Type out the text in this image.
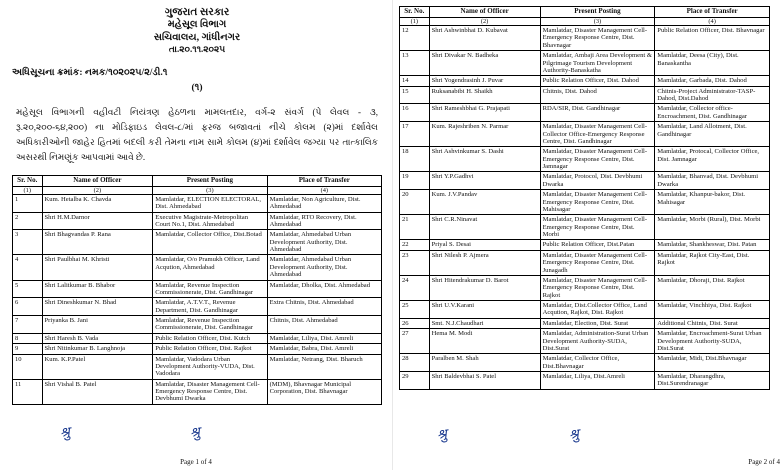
ગુજરાત સરકાર
મહેસૂલ વિભાગ
સચિવાલય, ગાંધીનગર
તા.૨૦.૧૧.૨૦૨૫
અધિસૂચના ક્રમાંક: નમક/૧૦૨૦૨૫/૨/ડી.૧
(૧)
મહેસૂલ વિભાગની વહીવટી નિયંત્રણ હેઠળના મામલતદાર, વર્ગ-૨ સંવર્ગ (પે લેવલ - ૩, રૂ.૨૦,૨૦૦-૬૪,૨૦૦) ના મોડિફાઇડ લેવલ-૮/માં ફરજ બજાવતાં નીચે કોલમ (૨)માં દર્શાવેલ અધિકારીઓની જાહેર હિતમાં બદલી કરી તેમના નામ સામે કોલમ (૪)માં દર્શાવેલ જગ્યા પર તાત્કાલિક અસરથી નિમણૂંક આપવામાં આવે છે.
Sr. No.	Name of Officer	Present Posting	Place of Transfer
(1)	(2)	(3)	(4)
1	Kum. Hetalba K. Chavda	Mamlatdar, ELECTION ELECTORAL, Dist. Ahmedabad	Mamlatdar, Non Agriculture, Dist. Ahmedabad
2	Shri H.M.Darnor	Executive Magistrate-Metropolitan Court No.1, Dist. Ahmedabad	Mamlatdar, RTO Recovery, Dist. Ahmedabad
3	Shri Bhagvandas P. Rana	Mamlatdar, Collector Office, Dist.Botad	Mamlatdar, Ahmedabad Urban Development Authority, Dist. Ahmedabad
4	Shri Paulbhai M. Khristi	Mamlatdar, O/o Pramukh Officer, Land Acqution, Ahmedabad	Mamlatdar, Ahmedabad Urban Development Authority, Dist. Ahmedabad
5	Shri Lalitkumar B. Bhabor	Mamlatdar, Revenue Inspection Commissionerate, Dist. Gandhinagar	Mamlatdar, Dholka, Dist. Ahmedabad
6	Shri Dineshkumar N. Bhad	Mamlatdar, A.T.V.T., Revenue Department, Dist. Gandhinagar	Extra Chitnis, Dist. Ahmedabad
7	Priyanka B. Jani	Mamlatdar, Revenue Inspection Commissionerate, Dist. Gandhinagar	Chitnis, Dist. Ahmedabad
8	Shri Haresh B. Vada	Public Relation Officer, Dist. Kutch	Mamlatdar, Liliya, Dist. Amreli
9	Shri Nitinkumar B. Langhnoja	Public Relation Officer, Dist. Rajkot	Mamlatdar, Babra, Dist. Amreli
10	Kum. K.P.Patel	Mamlatdar, Vadodara Urban Development Authority-VUDA, Dist. Vadodara	Mamlatdar, Netrang, Dist. Bharuch
11	Shri Vishal B. Patel	Mamlatdar, Disaster Management Cell-Emergency Response Centre, Dist. Devbhumi Dwarka	(MDM), Bhavnagar Municipal Corporation, Dist. Bhavnagar
श्रु	श्रु
Page 1 of 4
Sr. No.	Name of Officer	Present Posting	Place of Transfer
(1)	(2)	(3)	(4)
12	Shri Ashwinbhai D. Kubavat	Mamlatdar, Disaster Management Cell-Emergency Response Centre, Dist. Bhavnagar	Public Relation Officer, Dist. Bhavnagar
13	Shri Divakar N. Badheka	Mamlatdar, Ambaji Area Development & Pilgrimage Tourism Development Authority-Banaskatha	Mamlatdar, Deesa (City), Dist. Banaskantha
14	Shri Yogendrasinh J. Puvar	Public Relation Officer, Dist. Dahod	Mamlatdar, Garbada, Dist. Dahod
15	Ruksanabibi H. Shaikh	Chitnis, Dist. Dahod	Chitnis-Project Administrator-TASP-Dahod, Dist.Dahod
16	Shri Rameshbhai G. Prajapati	RDA/SIR, Dist. Gandhinagar	Mamlatdar, Collector office-Encroachment, Dist. Gandhinagar
17	Kum. Rajeshriben N. Parmar	Mamlatdar, Disaster Management Cell-Collector Office-Emergency Response Centre, Dist. Gandhinagar	Mamlatdar, Land Allotment, Dist. Gandhinagar
18	Shri Ashvinkumar S. Dashi	Mamlatdar, Disaster Management Cell-Emergency Response Centre, Dist. Jamnagar	Mamlatdar, Protocal, Collector Office, Dist. Jamnagar
19	Shri Y.P.Gadhvi	Mamlatdar, Protocol, Dist. Devbhumi Dwarka	Mamlatdar, Bhanvad, Dist. Devbhumi Dwarka
20	Kum. J.V.Pandav	Mamlatdar, Disaster Management Cell-Emergency Response Centre, Dist. Mahisagar	Mamlatdar, Khanpur-bakor, Dist. Mahisagar
21	Shri C.R.Ninavat	Mamlatdar, Disaster Management Cell-Emergency Response Centre, Dist. Morbi	Mamlatdar, Morbi (Rural), Dist. Morbi
22	Priyal S. Desai	Public Relation Officer, Dist.Patan	Mamlatdar, Shankheswar, Dist. Patan
23	Shri Nilesh P. Ajmera	Mamlatdar, Disaster Management Cell-Emergency Response Centre, Dist. Junagadh	Mamlatdar, Rajkot City-East, Dist. Rajkot
24	Shri Hitendrakumar D. Barot	Mamlatdar, Disaster Management Cell-Emergency Response Centre, Dist. Rajkot	Mamlatdar, Dhoraji, Dist. Rajkot
25	Shri U.V.Karani	Mamlatdar, Dist.Collector Office, Land Acqution, Rajkot, Dist. Rajkot	Mamlatdar, Vinchhiya, Dist. Rajkot
26	Smt. N.J.Chaudhari	Mamlatdar, Election, Dist. Surat	Additional Chitnis, Dist. Surat
27	Hema M. Modi	Mamlatdar, Administration-Surat Urban Development Authority-SUDA, Dist.Surat	Mamlatdar, Encroachment-Surat Urban Development Authority-SUDA, Dist.Surat
28	Paralben M. Shah	Mamlatdar, Collector Office, Dist.Bhavnagar	Mamlatdar, Midi, Dist.Bhavnagar
29	Shri Baldevbhai S. Patel	Mamlatdar, Liliya, Dist.Amreli	Mamlatdar, Dharangdhra, Dist.Surendranagar
श्रु	श्रु
Page 2 of 4
